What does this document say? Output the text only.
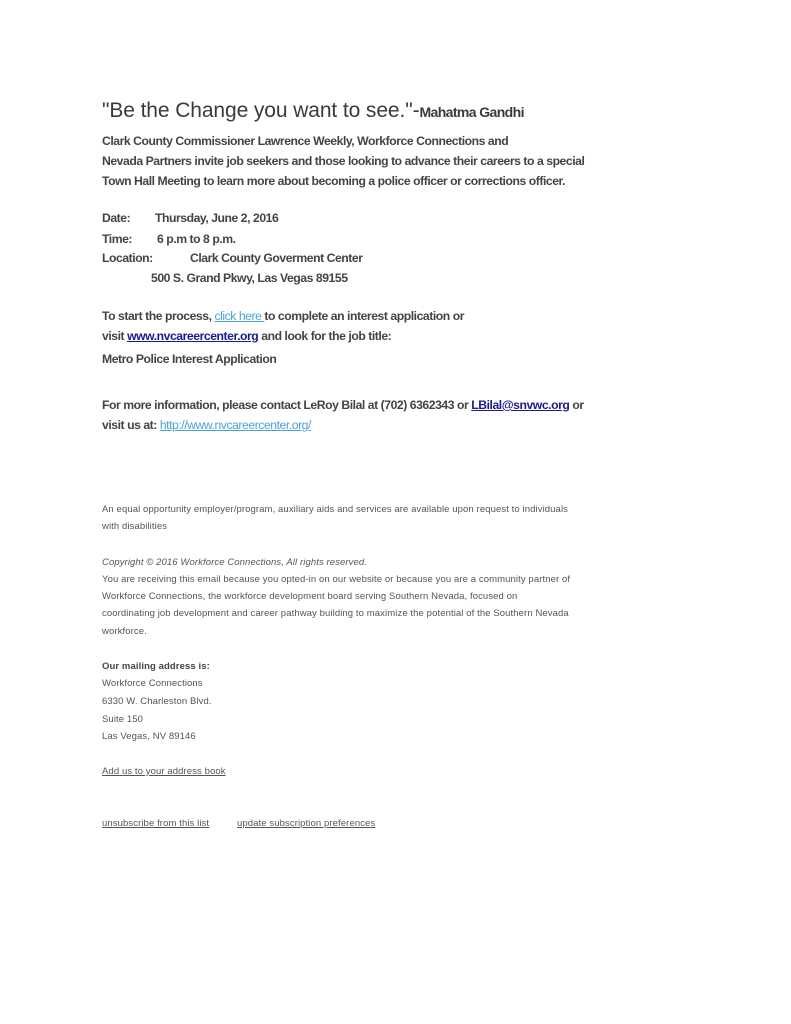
"Be the Change you want to see."-Mahatma Gandhi
Clark County Commissioner Lawrence Weekly, Workforce Connections and
Nevada Partners invite job seekers and those looking to advance their careers to a special
Town Hall Meeting to learn more about becoming a police officer or corrections officer.
Date: Thursday, June 2, 2016
Time: 6 p.m to 8 p.m.
Location:	Clark County Goverment Center
500 S. Grand Pkwy, Las Vegas 89155
To start the process, click here to complete an interest application or
visit www.nvcareercenter.org and look for the job title:
Metro Police Interest Application
For more information, please contact LeRoy Bilal at (702) 6362343 or LBilal@snvwc.org or
visit us at: http://www.nvcareercenter.org/
An equal opportunity employer/program, auxiliary aids and services are available upon request to individuals
with disabilities
Copyright © 2016 Workforce Connections, All rights reserved.
You are receiving this email because you opted-in on our website or because you are a community partner of
Workforce Connections, the workforce development board serving Southern Nevada, focused on
coordinating job development and career pathway building to maximize the potential of the Southern Nevada
workforce.
Our mailing address is:
Workforce Connections
6330 W. Charleston Blvd.
Suite 150
Las Vegas, NV 89146
Add us to your address book
unsubscribe from this list	update subscription preferences
